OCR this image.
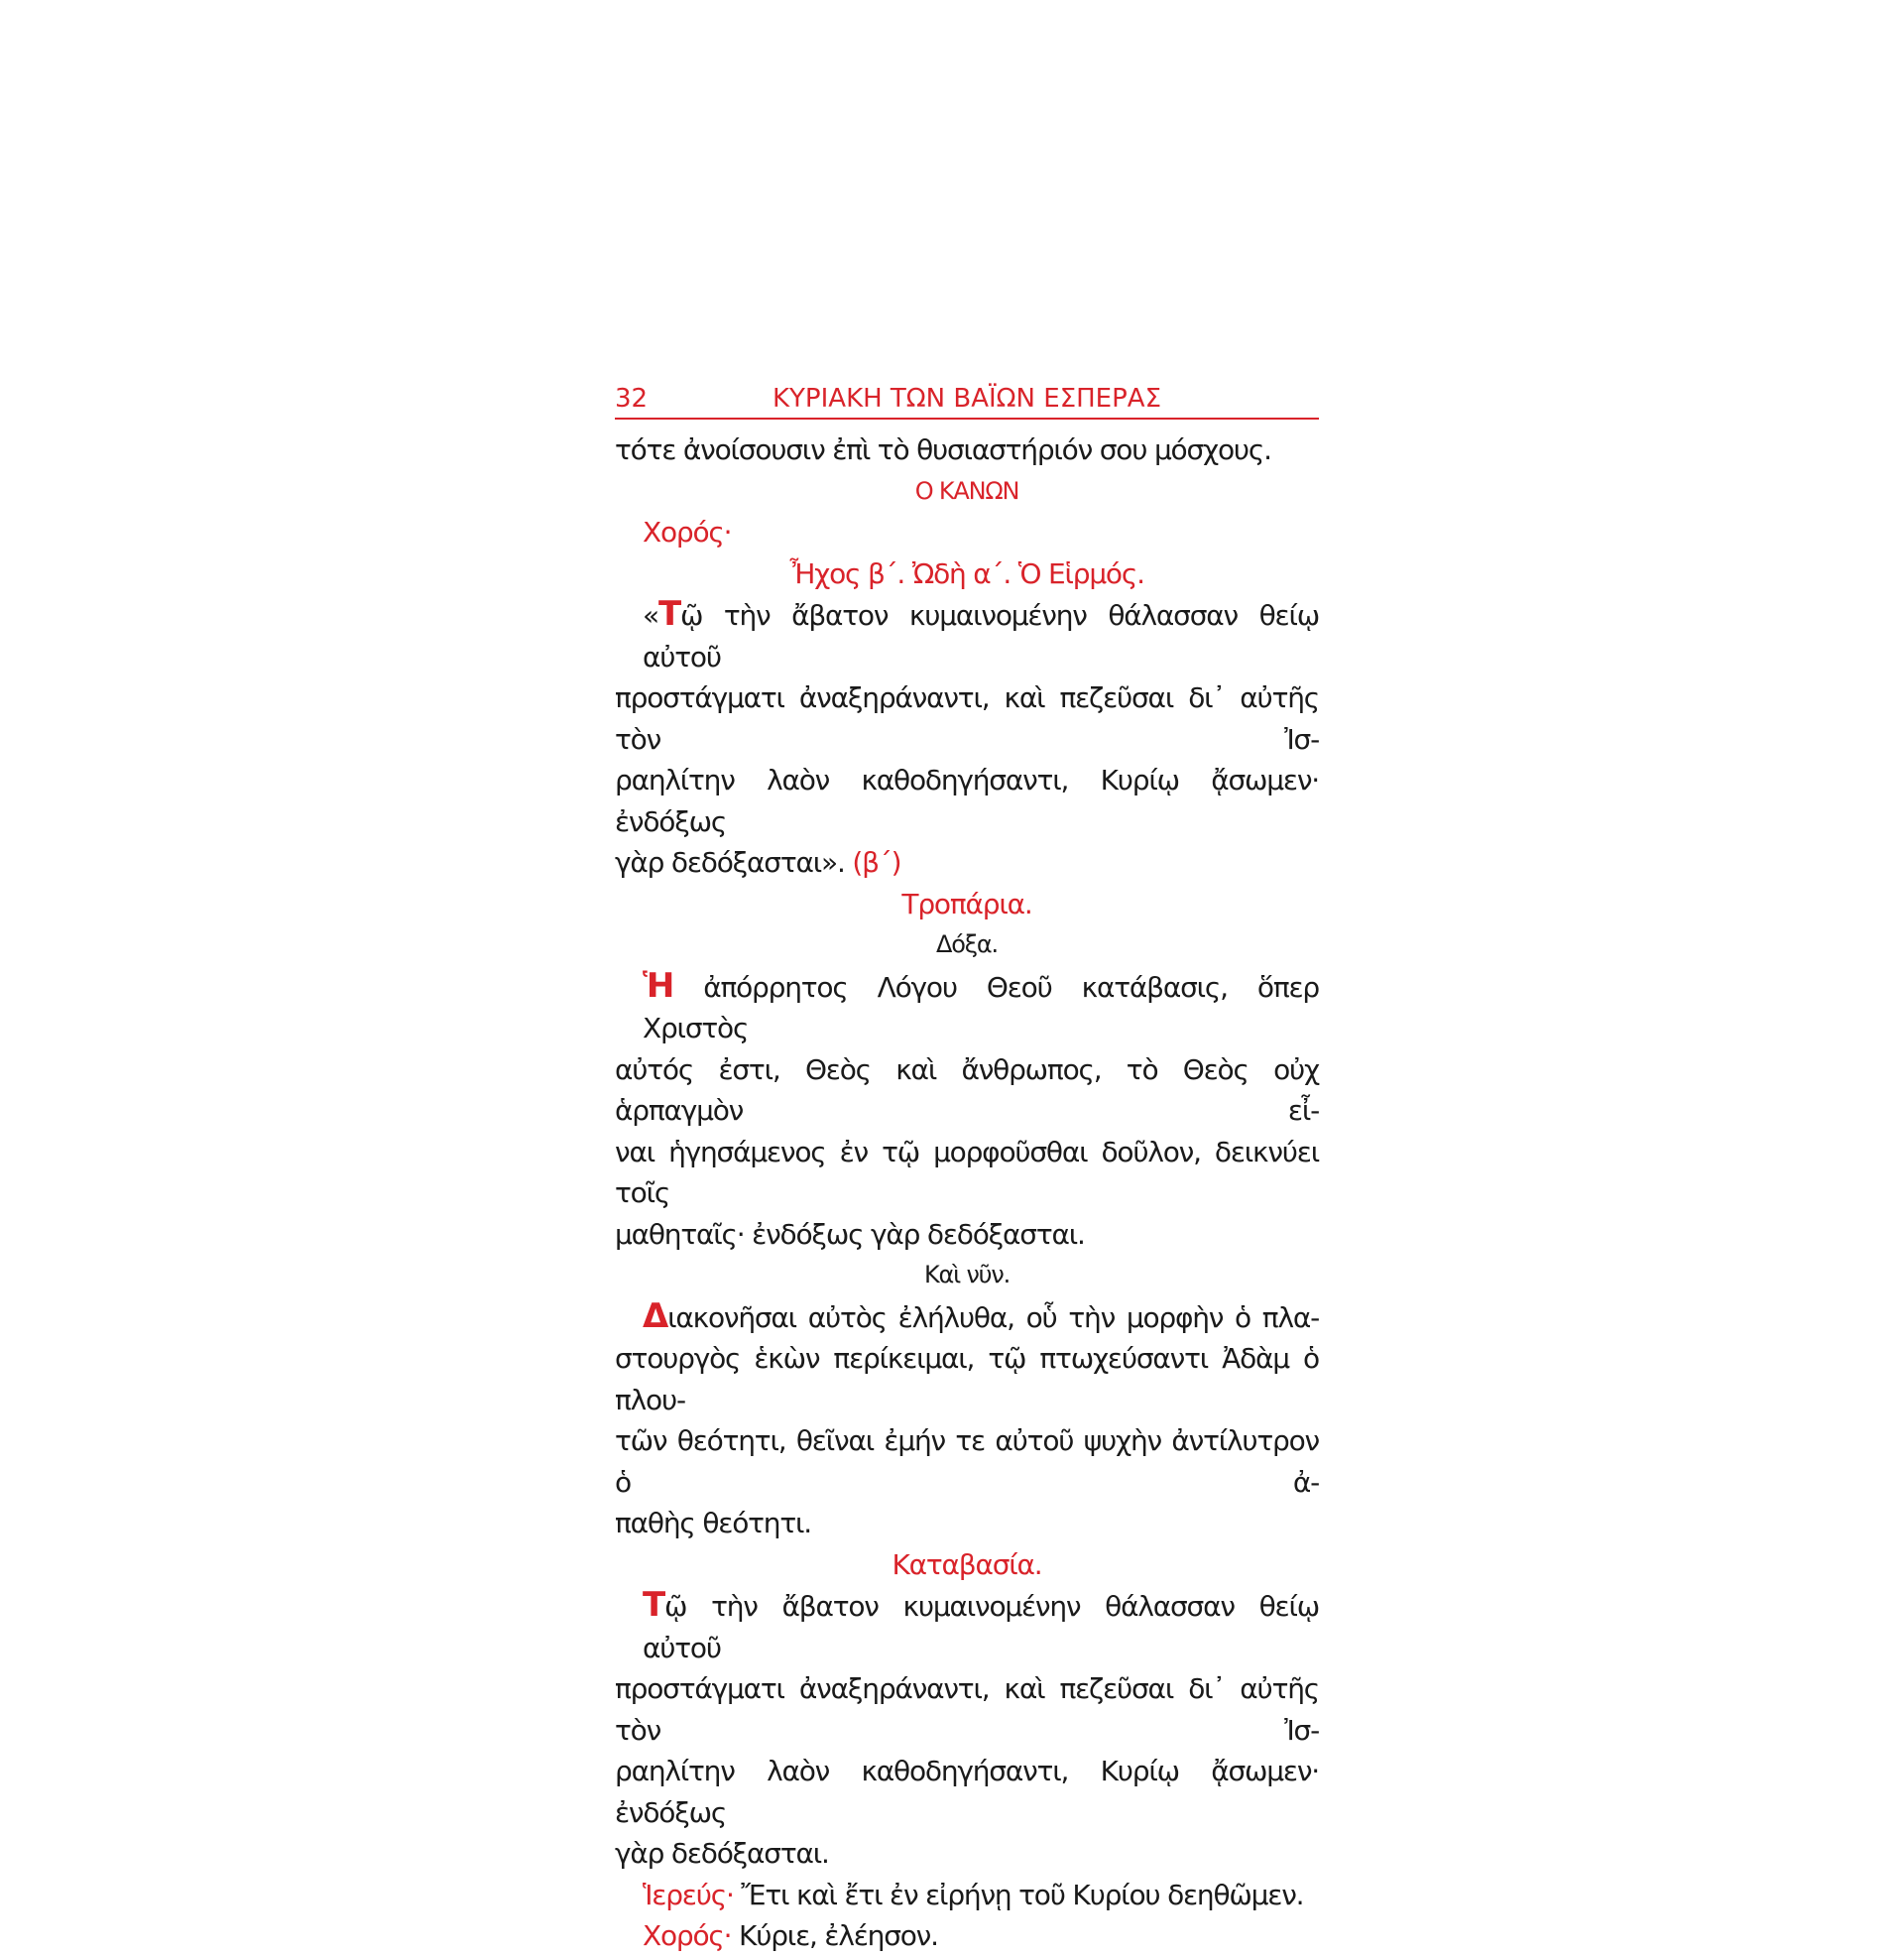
32	ΚΥΡΙΑΚΗ ΤΩΝ ΒΑΪΩΝ ΕΣΠΕΡΑΣ
τότε ἀνοίσουσιν ἐπὶ τὸ θυσιαστήριόν σου μόσχους.
Ο ΚΑΝΩΝ
Χορός·
Ἦχος β΄. Ὠδὴ α΄. Ὁ Εἱρμός.

«Τῷ τὴν ἄβατον κυμαινομένην θάλασσαν θείῳ αὐτοῦ

προστάγματι ἀναξηράναντι, καὶ πεζεῦσαι δι᾽ αὐτῆς τὸν Ἰσ-

ραηλίτην λαὸν καθοδηγήσαντι, Κυρίῳ ᾄσωμεν· ἐνδόξως

γὰρ δεδόξασται». (β΄)

Τροπάρια.
Δόξα.

Ἡ ἀπόρρητος Λόγου Θεοῦ κατάβασις, ὅπερ Χριστὸς

αὐτός ἐστι, Θεὸς καὶ ἄνθρωπος, τὸ Θεὸς οὐχ ἁρπαγμὸν εἶ-

ναι ἡγησάμενος ἐν τῷ μορφοῦσθαι δοῦλον, δεικνύει τοῖς

μαθηταῖς· ἐνδόξως γὰρ δεδόξασται.

Καὶ νῦν.

Διακονῆσαι αὐτὸς ἐλήλυθα, οὗ τὴν μορφὴν ὁ πλα-

στουργὸς ἑκὼν περίκειμαι, τῷ πτωχεύσαντι Ἀδὰμ ὁ πλου-

τῶν θεότητι, θεῖναι ἐμήν τε αὐτοῦ ψυχὴν ἀντίλυτρον ὁ ἀ-

παθὴς θεότητι.

Καταβασία.

Τῷ τὴν ἄβατον κυμαινομένην θάλασσαν θείῳ αὐτοῦ

προστάγματι ἀναξηράναντι, καὶ πεζεῦσαι δι᾽ αὐτῆς τὸν Ἰσ-

ραηλίτην λαὸν καθοδηγήσαντι, Κυρίῳ ᾄσωμεν· ἐνδόξως

γὰρ δεδόξασται.

Ἱερεύς· Ἔτι καὶ ἔτι ἐν εἰρήνῃ τοῦ Κυρίου δεηθῶμεν.
Χορός· Κύριε, ἐλέησον.
